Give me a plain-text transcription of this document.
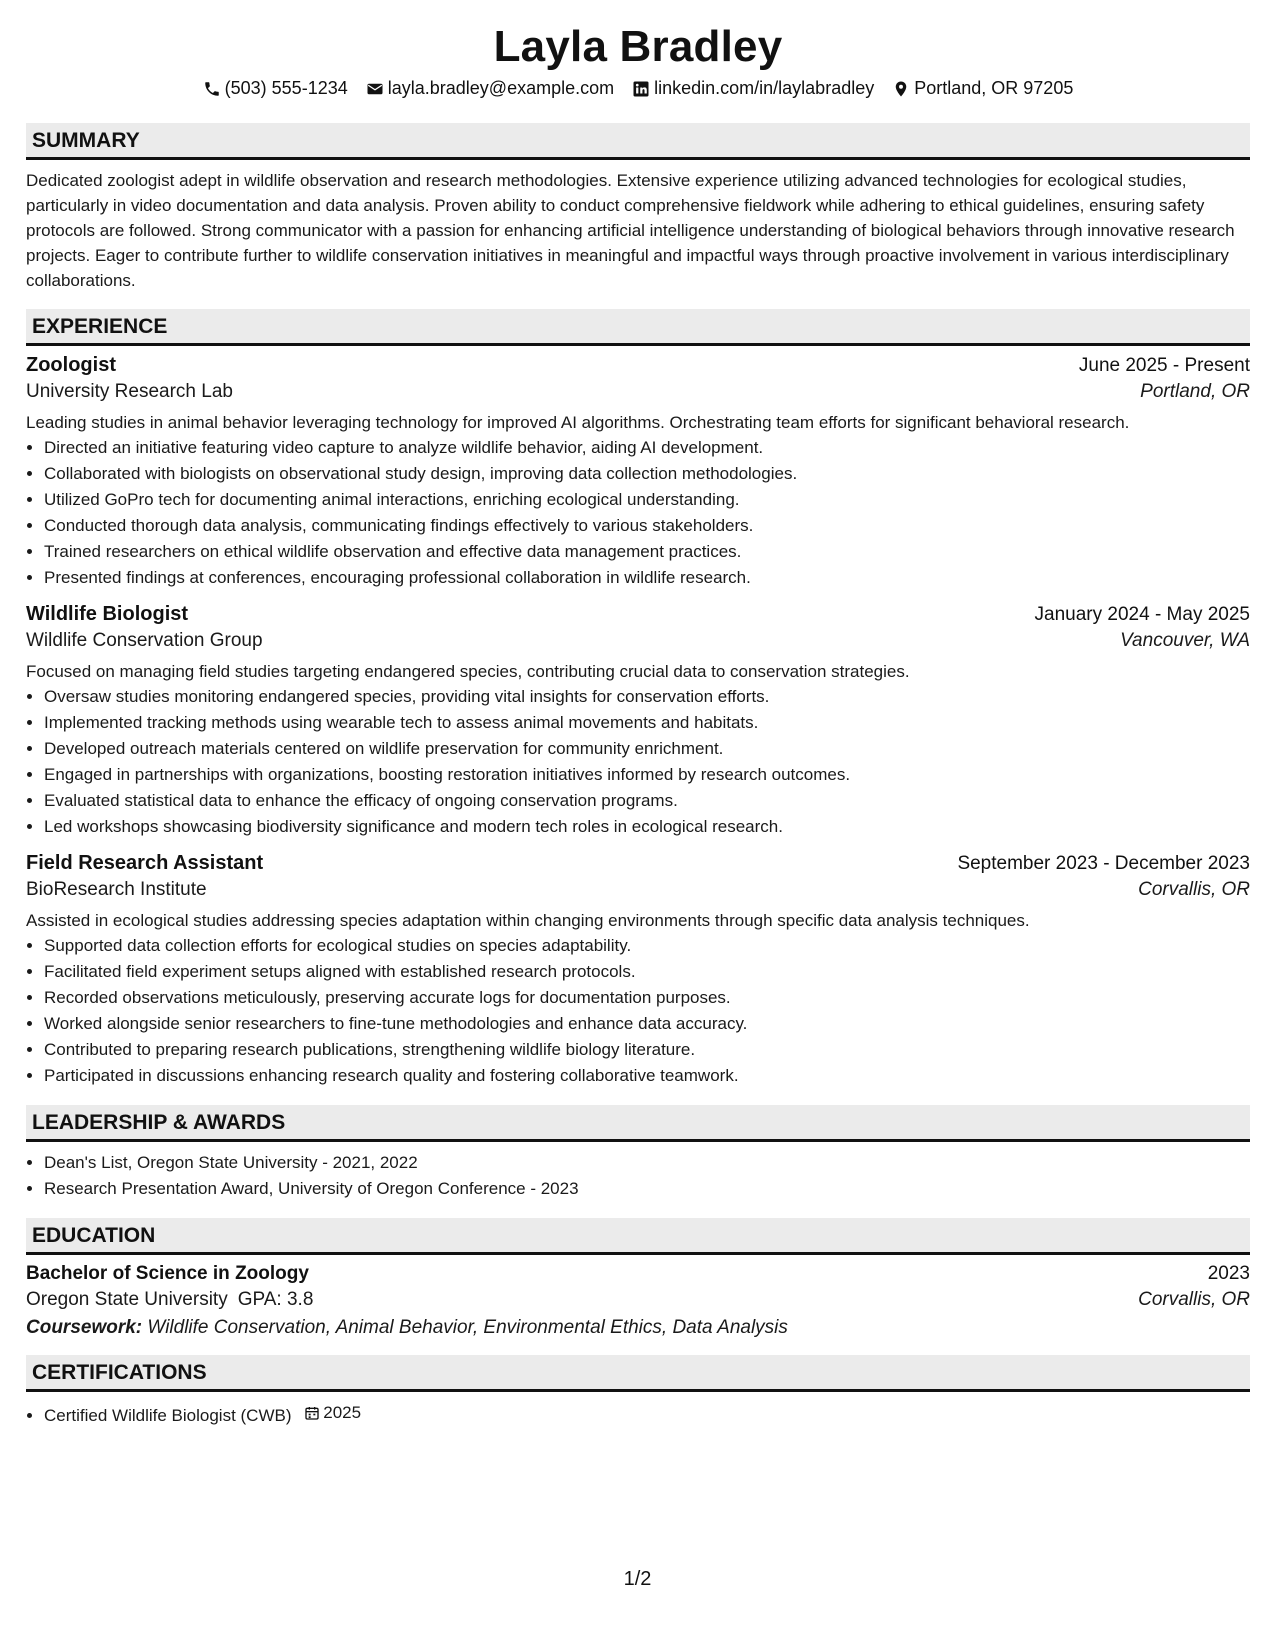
Layla Bradley
(503) 555-1234 layla.bradley@example.com linkedin.com/in/laylabradley Portland, OR 97205
SUMMARY
Dedicated zoologist adept in wildlife observation and research methodologies. Extensive experience utilizing advanced technologies for ecological studies, particularly in video documentation and data analysis. Proven ability to conduct comprehensive fieldwork while adhering to ethical guidelines, ensuring safety protocols are followed. Strong communicator with a passion for enhancing artificial intelligence understanding of biological behaviors through innovative research projects. Eager to contribute further to wildlife conservation initiatives in meaningful and impactful ways through proactive involvement in various interdisciplinary collaborations.
EXPERIENCE
Zoologist	June 2025 - Present
University Research Lab	Portland, OR
Leading studies in animal behavior leveraging technology for improved AI algorithms. Orchestrating team efforts for significant behavioral research.
• Directed an initiative featuring video capture to analyze wildlife behavior, aiding AI development.
• Collaborated with biologists on observational study design, improving data collection methodologies.
• Utilized GoPro tech for documenting animal interactions, enriching ecological understanding.
• Conducted thorough data analysis, communicating findings effectively to various stakeholders.
• Trained researchers on ethical wildlife observation and effective data management practices.
• Presented findings at conferences, encouraging professional collaboration in wildlife research.
Wildlife Biologist	January 2024 - May 2025
Wildlife Conservation Group	Vancouver, WA
Focused on managing field studies targeting endangered species, contributing crucial data to conservation strategies.
• Oversaw studies monitoring endangered species, providing vital insights for conservation efforts.
• Implemented tracking methods using wearable tech to assess animal movements and habitats.
• Developed outreach materials centered on wildlife preservation for community enrichment.
• Engaged in partnerships with organizations, boosting restoration initiatives informed by research outcomes.
• Evaluated statistical data to enhance the efficacy of ongoing conservation programs.
• Led workshops showcasing biodiversity significance and modern tech roles in ecological research.
Field Research Assistant	September 2023 - December 2023
BioResearch Institute	Corvallis, OR
Assisted in ecological studies addressing species adaptation within changing environments through specific data analysis techniques.
• Supported data collection efforts for ecological studies on species adaptability.
• Facilitated field experiment setups aligned with established research protocols.
• Recorded observations meticulously, preserving accurate logs for documentation purposes.
• Worked alongside senior researchers to fine-tune methodologies and enhance data accuracy.
• Contributed to preparing research publications, strengthening wildlife biology literature.
• Participated in discussions enhancing research quality and fostering collaborative teamwork.
LEADERSHIP & AWARDS
• Dean's List, Oregon State University - 2021, 2022
• Research Presentation Award, University of Oregon Conference - 2023
EDUCATION
Bachelor of Science in Zoology	2023
Oregon State University GPA: 3.8	Corvallis, OR
Coursework: Wildlife Conservation, Animal Behavior, Environmental Ethics, Data Analysis
CERTIFICATIONS
• Certified Wildlife Biologist (CWB) 2025
1/2
